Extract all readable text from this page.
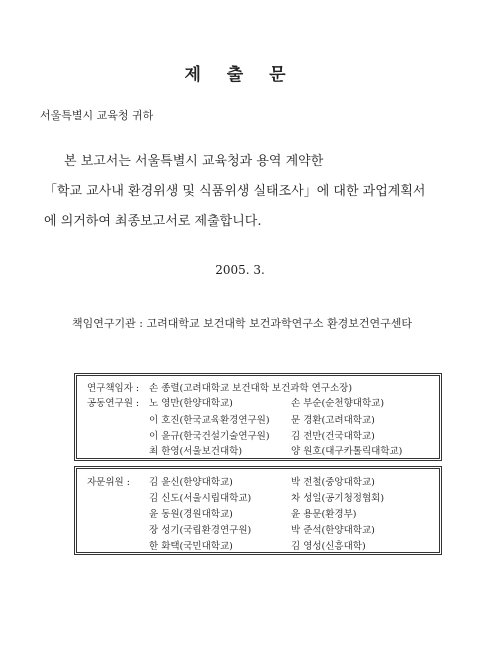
제 출 문
서울특별시 교육청 귀하
본 보고서는 서울특별시 교육청과 용역 계약한
「학교 교사내 환경위생 및 식품위생 실태조사」에 대한 과업계획서
에 의거하여 최종보고서로 제출합니다.
2005. 3.
책임연구기관 : 고려대학교 보건대학 보건과학연구소 환경보건연구센타
연구책임자 : 손 종렬(고려대학교 보건대학 보건과학 연구소장)
공동연구원 : 노 영만(한양대학교)	손 부순(순천향대학교)
이 호진(한국교육환경연구원) 문 경환(고려대학교)
이 윤규(한국건설기술연구원) 김 전만(건국대학교)
최 한영(서울보건대학)	양 원호(대구카톨릭대학교)
자문위원 : 김 윤신(한양대학교)	박 전철(중앙대학교)
김 신도(서울시립대학교)	차 성일(공기청정협회)
윤 동원(경원대학교)	윤 용문(환경부)
장 성기(국립환경연구원)	박 준석(한양대학교)
한 화택(국민대학교)	김 영성(신흥대학)
